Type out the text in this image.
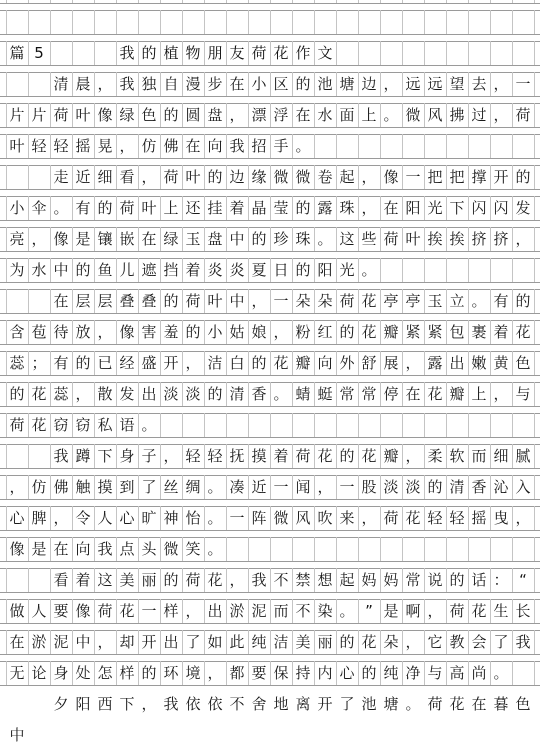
篇 5	我 的 植 物 朋 友 荷 花 作 文
清 晨 ， 我 独 自 漫 步 在 小 区 的 池 塘 边 ， 远 远 望 去 ， 一
片 片 荷 叶 像 绿 色 的 圆 盘 ， 漂 浮 在 水 面 上 。 微 风 拂 过 ， 荷
叶 轻 轻 摇 晃 ， 仿 佛 在 向 我 招 手 。
走 近 细 看 ， 荷 叶 的 边 缘 微 微 卷 起 ， 像 一 把 把 撑 开 的
小 伞 。 有 的 荷 叶 上 还 挂 着 晶 莹 的 露 珠 ， 在 阳 光 下 闪 闪 发
亮 ， 像 是 镶 嵌 在 绿 玉 盘 中 的 珍 珠 。 这 些 荷 叶 挨 挨 挤 挤 ，
为 水 中 的 鱼 儿 遮 挡 着 炎 炎 夏 日 的 阳 光 。
在 层 层 叠 叠 的 荷 叶 中 ， 一 朵 朵 荷 花 亭 亭 玉 立 。 有 的
含 苞 待 放 ， 像 害 羞 的 小 姑 娘 ， 粉 红 的 花 瓣 紧 紧 包 裹 着 花
蕊 ； 有 的 已 经 盛 开 ， 洁 白 的 花 瓣 向 外 舒 展 ， 露 出 嫩 黄 色
的 花 蕊 ， 散 发 出 淡 淡 的 清 香 。 蜻 蜓 常 常 停 在 花 瓣 上 ， 与
荷 花 窃 窃 私 语 。
我 蹲 下 身 子 ， 轻 轻 抚 摸 着 荷 花 的 花 瓣 ， 柔 软 而 细 腻
， 仿 佛 触 摸 到 了 丝 绸 。 凑 近 一 闻 ， 一 股 淡 淡 的 清 香 沁 入
心 脾 ， 令 人 心 旷 神 怡 。 一 阵 微 风 吹 来 ， 荷 花 轻 轻 摇 曳 ，
像 是 在 向 我 点 头 微 笑 。
看 着 这 美 丽 的 荷 花 ， 我 不 禁 想 起 妈 妈 常 说 的 话 ： “
做 人 要 像 荷 花 一 样 ， 出 淤 泥 而 不 染 。 ” 是 啊 ， 荷 花 生 长
在 淤 泥 中 ， 却 开 出 了 如 此 纯 洁 美 丽 的 花 朵 ， 它 教 会 了 我
无 论 身 处 怎 样 的 环 境 ， 都 要 保 持 内 心 的 纯 净 与 高 尚 。
夕 阳 西 下 ， 我 依 依 不 舍 地 离 开 了 池 塘 。 荷 花 在 暮 色
中
